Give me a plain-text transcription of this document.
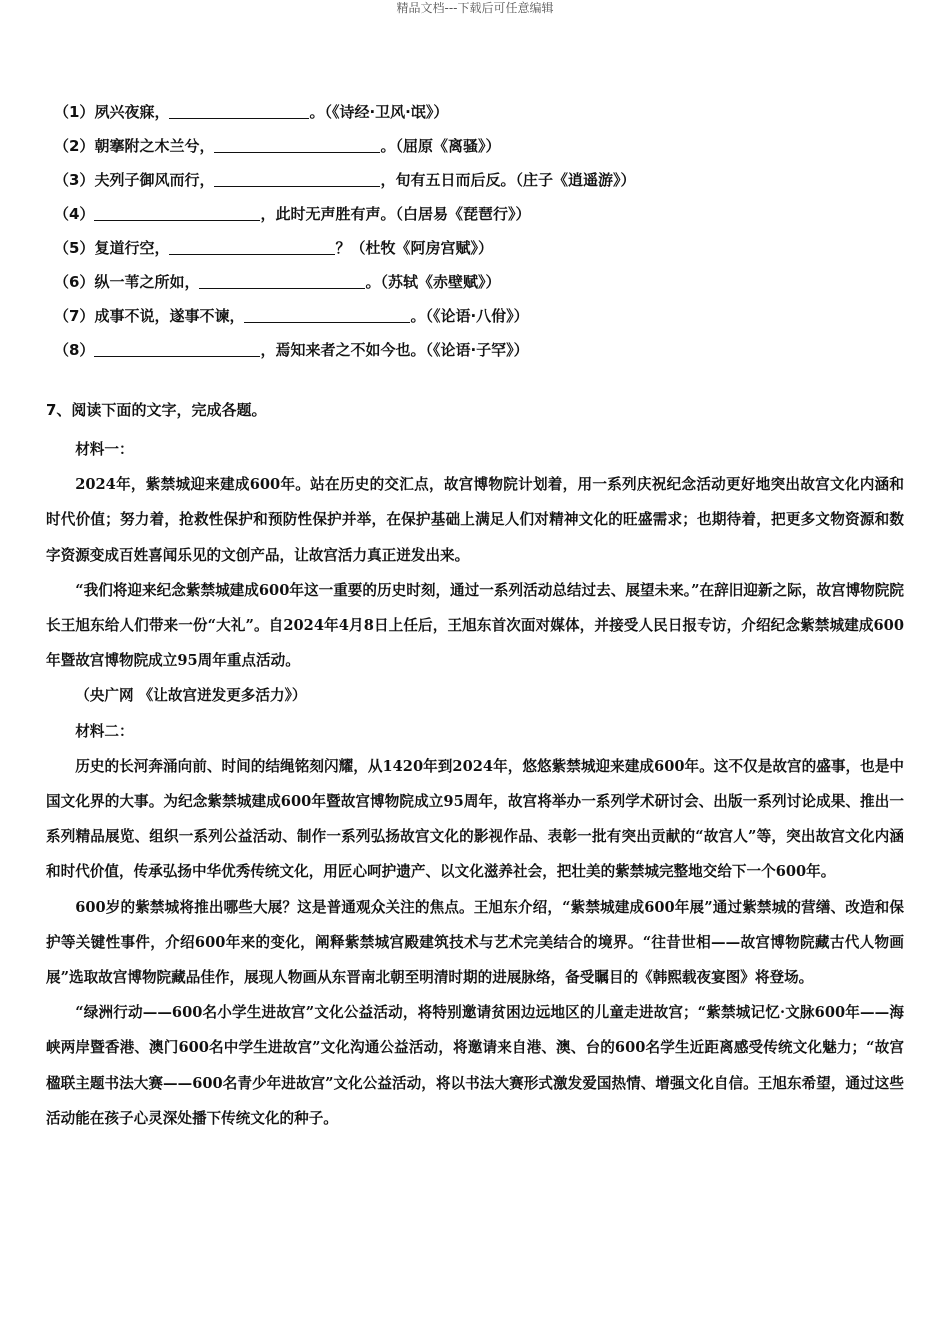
精品文档---下载后可任意编辑
（1）夙兴夜寐，	。（《诗经·卫风·氓》）
（2）朝搴附之木兰兮，	。（屈原《离骚》）
（3）夫列子御风而行，	，旬有五日而后反。（庄子《逍遥游》）
（4）	，此时无声胜有声。（白居易《琵琶行》）
（5）复道行空，	？（杜牧《阿房宫赋》）
（6）纵一苇之所如，	。（苏轼《赤壁赋》）
（7）成事不说，遂事不谏，	。（《论语·八佾》）
（8）	，焉知来者之不如今也。（《论语·子罕》）
7、阅读下面的文字，完成各题。

材料一：

2024年，紫禁城迎来建成600年。站在历史的交汇点，故宫博物院计划着，用一系列庆祝纪念活动更好地突出故宫文化内涵和时代价值；努力着，抢救性保护和预防性保护并举，在保护基础上满足人们对精神文化的旺盛需求；也期待着，把更多文物资源和数字资源变成百姓喜闻乐见的文创产品，让故宫活力真正迸发出来。

“我们将迎来纪念紫禁城建成600年这一重要的历史时刻，通过一系列活动总结过去、展望未来。”在辞旧迎新之际，故宫博物院院长王旭东给人们带来一份“大礼”。自2024年4月8日上任后，王旭东首次面对媒体，并接受人民日报专访，介绍纪念紫禁城建成600年暨故宫博物院成立95周年重点活动。

（央广网 《让故宫迸发更多活力》）

材料二：

历史的长河奔涌向前、时间的结绳铭刻闪耀，从1420年到2024年，悠悠紫禁城迎来建成600年。这不仅是故宫的盛事，也是中国文化界的大事。为纪念紫禁城建成600年暨故宫博物院成立95周年，故宫将举办一系列学术研讨会、出版一系列讨论成果、推出一系列精品展览、组织一系列公益活动、制作一系列弘扬故宫文化的影视作品、表彰一批有突出贡献的“故宫人”等，突出故宫文化内涵和时代价值，传承弘扬中华优秀传统文化，用匠心呵护遗产、以文化滋养社会，把壮美的紫禁城完整地交给下一个600年。

600岁的紫禁城将推出哪些大展？这是普通观众关注的焦点。王旭东介绍，“紫禁城建成600年展”通过紫禁城的营缮、改造和保护等关键性事件，介绍600年来的变化，阐释紫禁城宫殿建筑技术与艺术完美结合的境界。“往昔世相——故宫博物院藏古代人物画展”选取故宫博物院藏品佳作，展现人物画从东晋南北朝至明清时期的进展脉络，备受瞩目的《韩熙载夜宴图》将登场。

“绿洲行动——600名小学生进故宫”文化公益活动，将特别邀请贫困边远地区的儿童走进故宫；“紫禁城记忆·文脉600年——海峡两岸暨香港、澳门600名中学生进故宫”文化沟通公益活动，将邀请来自港、澳、台的600名学生近距离感受传统文化魅力；“故宫楹联主题书法大赛——600名青少年进故宫”文化公益活动，将以书法大赛形式激发爱国热情、增强文化自信。王旭东希望，通过这些活动能在孩子心灵深处播下传统文化的种子。
